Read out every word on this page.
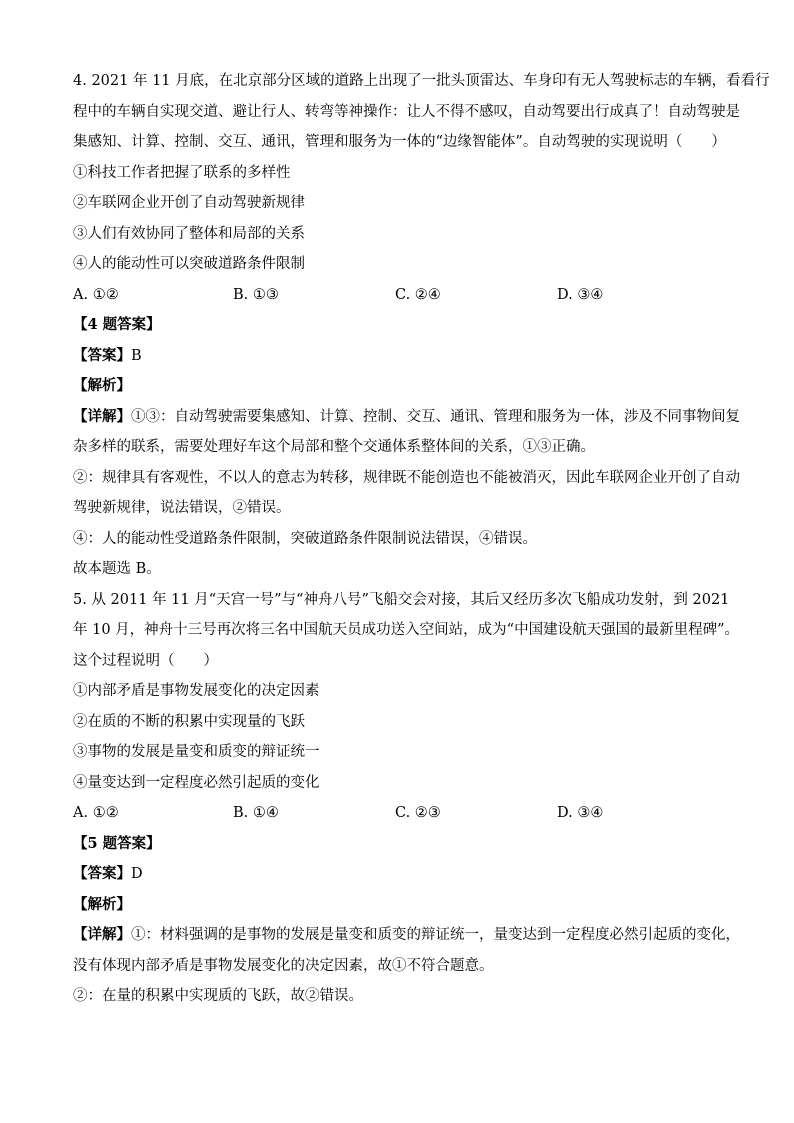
4. 2021 年 11 月底，在北京部分区域的道路上出现了一批头顶雷达、车身印有无人驾驶标志的车辆，看看行
程中的车辆自实现交道、避让行人、转弯等神操作：让人不得不感叹，自动驾要出行成真了！自动驾驶是
集感知、计算、控制、交互、通讯，管理和服务为一体的“边缘智能体”。自动驾驶的实现说明（　　）
①科技工作者把握了联系的多样性
②车联网企业开创了自动驾驶新规律
③人们有效协同了整体和局部的关系
④人的能动性可以突破道路条件限制
A. ①②	B. ①③	C. ②④	D. ③④
【4 题答案】
【答案】B
【解析】
【详解】①③：自动驾驶需要集感知、计算、控制、交互、通讯、管理和服务为一体，涉及不同事物间复
杂多样的联系，需要处理好车这个局部和整个交通体系整体间的关系，①③正确。
②：规律具有客观性，不以人的意志为转移，规律既不能创造也不能被消灭，因此车联网企业开创了自动
驾驶新规律，说法错误，②错误。
④：人的能动性受道路条件限制，突破道路条件限制说法错误，④错误。
故本题选 B。
5. 从 2011 年 11 月“天宫一号”与“神舟八号”飞船交会对接，其后又经历多次飞船成功发射，到 2021
年 10 月，神舟十三号再次将三名中国航天员成功送入空间站，成为“中国建设航天强国的最新里程碑”。
这个过程说明（　　）
①内部矛盾是事物发展变化的决定因素
②在质的不断的积累中实现量的飞跃
③事物的发展是量变和质变的辩证统一
④量变达到一定程度必然引起质的变化
A. ①②	B. ①④	C. ②③	D. ③④
【5 题答案】
【答案】D
【解析】
【详解】①：材料强调的是事物的发展是量变和质变的辩证统一，量变达到一定程度必然引起质的变化，
没有体现内部矛盾是事物发展变化的决定因素，故①不符合题意。
②：在量的积累中实现质的飞跃，故②错误。
